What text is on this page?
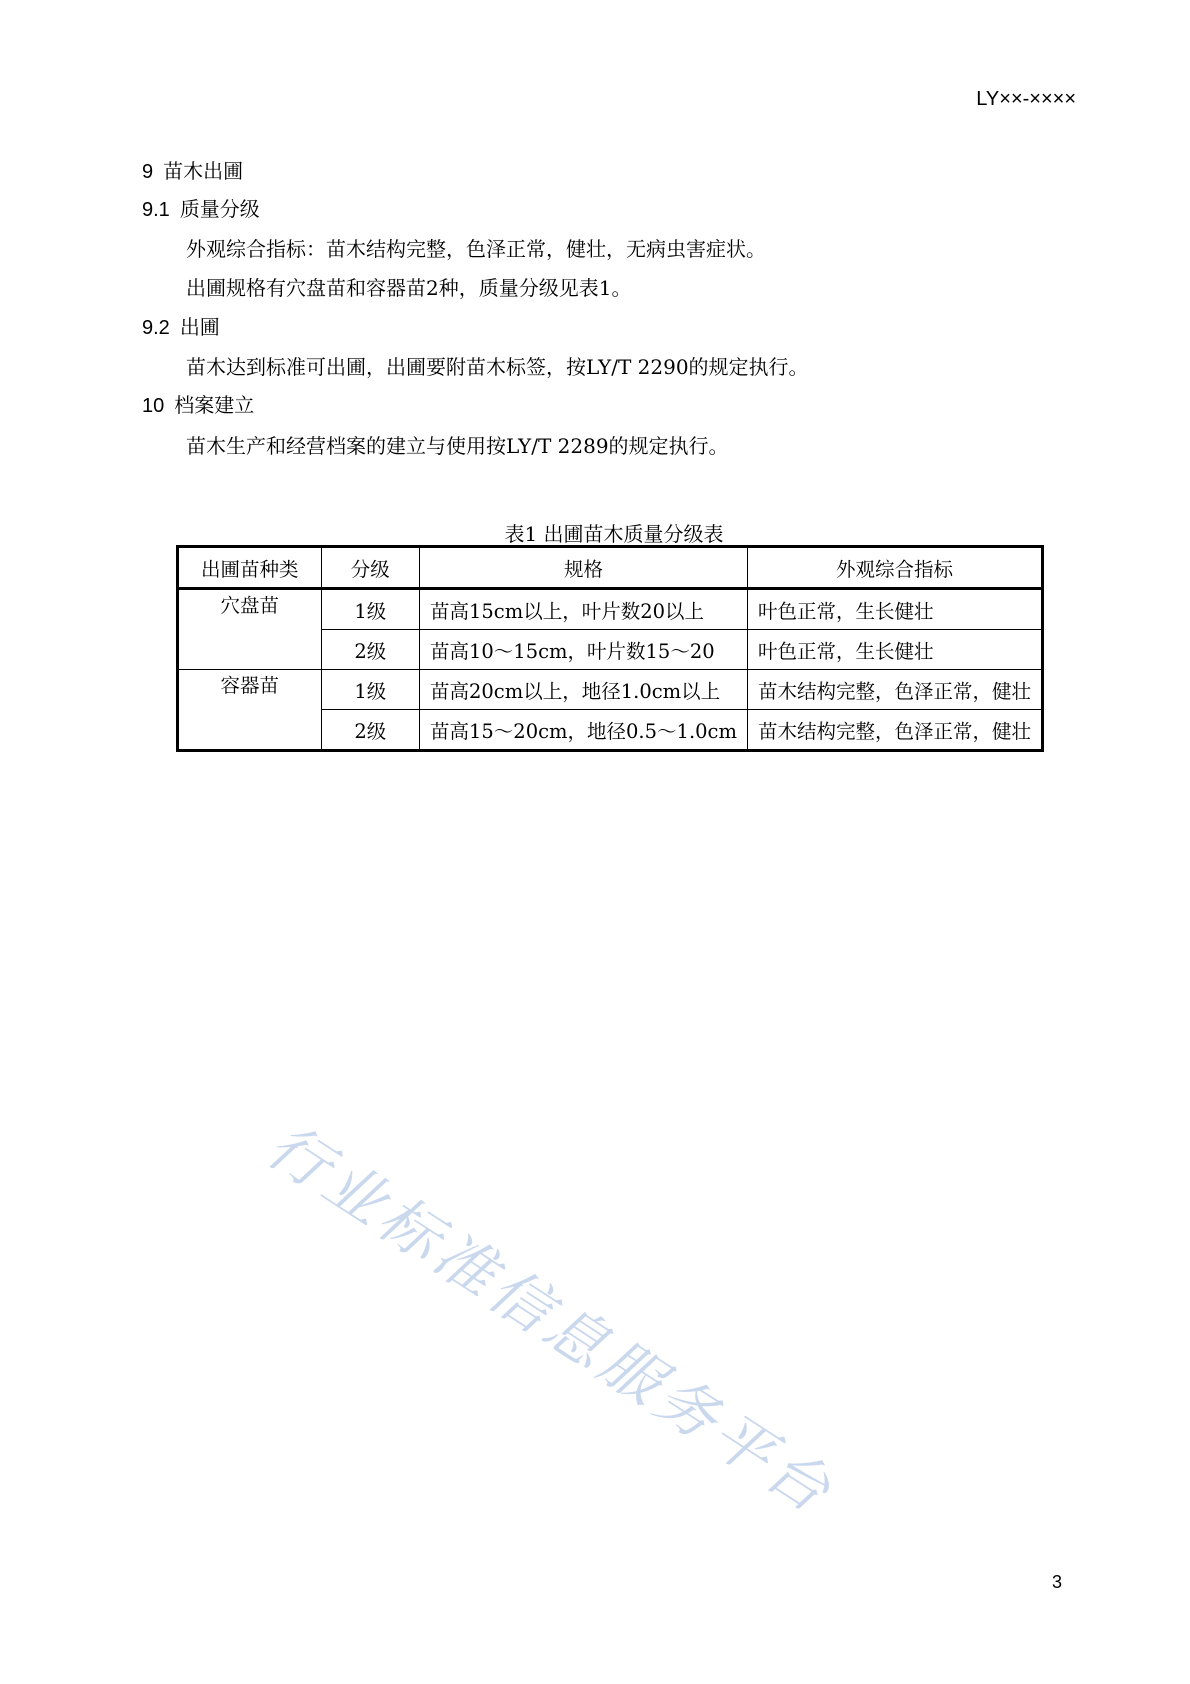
LY××-××××
9 苗木出圃
9.1 质量分级
外观综合指标：苗木结构完整，色泽正常，健壮，无病虫害症状。
出圃规格有穴盘苗和容器苗2种，质量分级见表1。
9.2 出圃
苗木达到标准可出圃，出圃要附苗木标签，按LY/T 2290的规定执行。
10 档案建立
苗木生产和经营档案的建立与使用按LY/T 2289的规定执行。
表1 出圃苗木质量分级表
出圃苗种类	分级	规格	外观综合指标
穴盘苗	1级	苗高15cm以上，叶片数20以上	叶色正常，生长健壮
	2级	苗高10～15cm，叶片数15～20	叶色正常，生长健壮
容器苗	1级	苗高20cm以上，地径1.0cm以上	苗木结构完整，色泽正常，健壮
	2级	苗高15～20cm，地径0.5～1.0cm	苗木结构完整，色泽正常，健壮
行业标准信息服务平台
3
